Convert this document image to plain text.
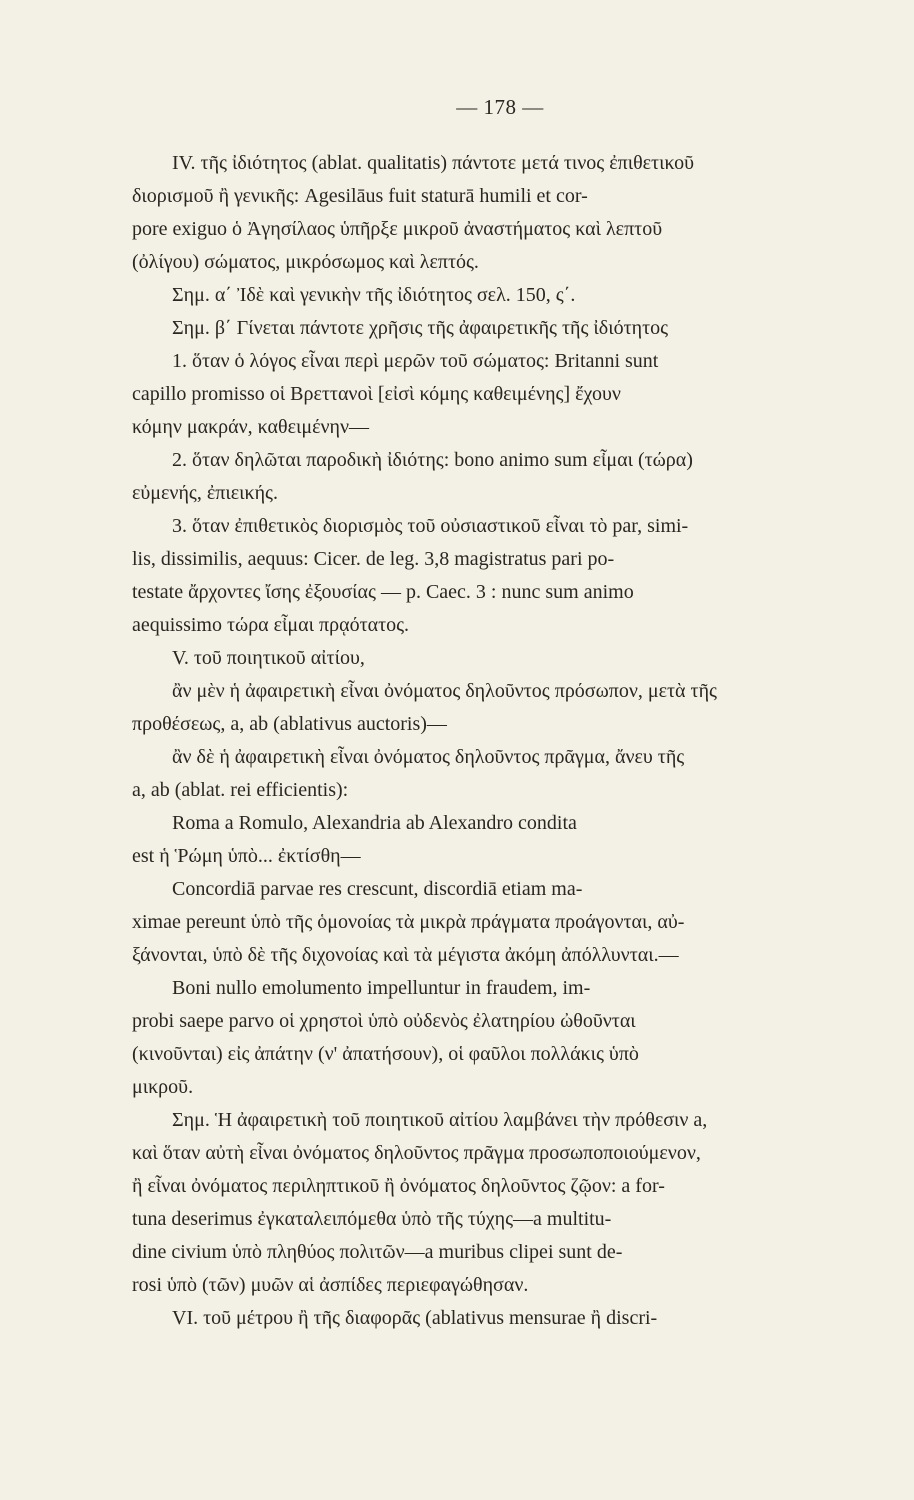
— 178 —
IV. τῆς ἰδιότητος (ablat. qualitatis) πάντοτε μετά τινος ἐπιθετικοῦ
διορισμοῦ ἢ γενικῆς: Agesilāus fuit staturā humili et cor-
pore exiguo ὁ Ἀγησίλαος ὑπῆρξε μικροῦ ἀναστήματος καὶ λεπτοῦ
(ὀλίγου) σώματος, μικρόσωμος καὶ λεπτός.
Σημ. α΄ Ἰδὲ καὶ γενικὴν τῆς ἰδιότητος σελ. 150, ς΄.
Σημ. β΄ Γίνεται πάντοτε χρῆσις τῆς ἀφαιρετικῆς τῆς ἰδιότητος
1. ὅταν ὁ λόγος εἶναι περὶ μερῶν τοῦ σώματος: Britanni sunt
capillo promisso οἱ Βρεττανοὶ [εἰσὶ κόμης καθειμένης] ἔχουν
κόμην μακράν, καθειμένην—
2. ὅταν δηλῶται παροδικὴ ἰδιότης: bono animo sum εἶμαι (τώρα)
εὐμενής, ἐπιεικής.
3. ὅταν ἐπιθετικὸς διορισμὸς τοῦ οὐσιαστικοῦ εἶναι τὸ par, simi-
lis, dissimilis, aequus: Cicer. de leg. 3,8 magistratus pari po-
testate ἄρχοντες ἴσης ἐξουσίας — p. Caec. 3 : nunc sum animo
aequissimo τώρα εἶμαι πρᾳότατος.
V. τοῦ ποιητικοῦ αἰτίου,
ἂν μὲν ἡ ἀφαιρετικὴ εἶναι ὀνόματος δηλοῦντος πρόσωπον, μετὰ τῆς
προθέσεως, a, ab (ablativus auctoris)—
ἂν δὲ ἡ ἀφαιρετικὴ εἶναι ὀνόματος δηλοῦντος πρᾶγμα, ἄνευ τῆς
a, ab (ablat. rei efficientis):
Roma a Romulo, Alexandria ab Alexandro condita
est ἡ Ῥώμη ὑπὸ... ἐκτίσθη—
Concordiā parvae res crescunt, discordiā etiam ma-
ximae pereunt ὑπὸ τῆς ὁμονοίας τὰ μικρὰ πράγματα προάγονται, αὐ-
ξάνονται, ὑπὸ δὲ τῆς διχονοίας καὶ τὰ μέγιστα ἀκόμη ἀπόλλυνται.—
Boni nullo emolumento impelluntur in fraudem, im-
probi saepe parvo οἱ χρηστοὶ ὑπὸ οὐδενὸς ἐλατηρίου ὠθοῦνται
(κινοῦνται) εἰς ἀπάτην (ν' ἀπατήσουν), οἱ φαῦλοι πολλάκις ὑπὸ
μικροῦ.
Σημ. Ἡ ἀφαιρετικὴ τοῦ ποιητικοῦ αἰτίου λαμβάνει τὴν πρόθεσιν a,
καὶ ὅταν αὐτὴ εἶναι ὀνόματος δηλοῦντος πρᾶγμα προσωποποιούμενον,
ἢ εἶναι ὀνόματος περιληπτικοῦ ἢ ὀνόματος δηλοῦντος ζῷον: a for-
tuna deserimus ἐγκαταλειπόμεθα ὑπὸ τῆς τύχης—a multitu-
dine civium ὑπὸ πληθύος πολιτῶν—a muribus clipei sunt de-
rosi ὑπὸ (τῶν) μυῶν αἱ ἀσπίδες περιεφαγώθησαν.
VI. τοῦ μέτρου ἢ τῆς διαφορᾶς (ablativus mensurae ἢ discri-
